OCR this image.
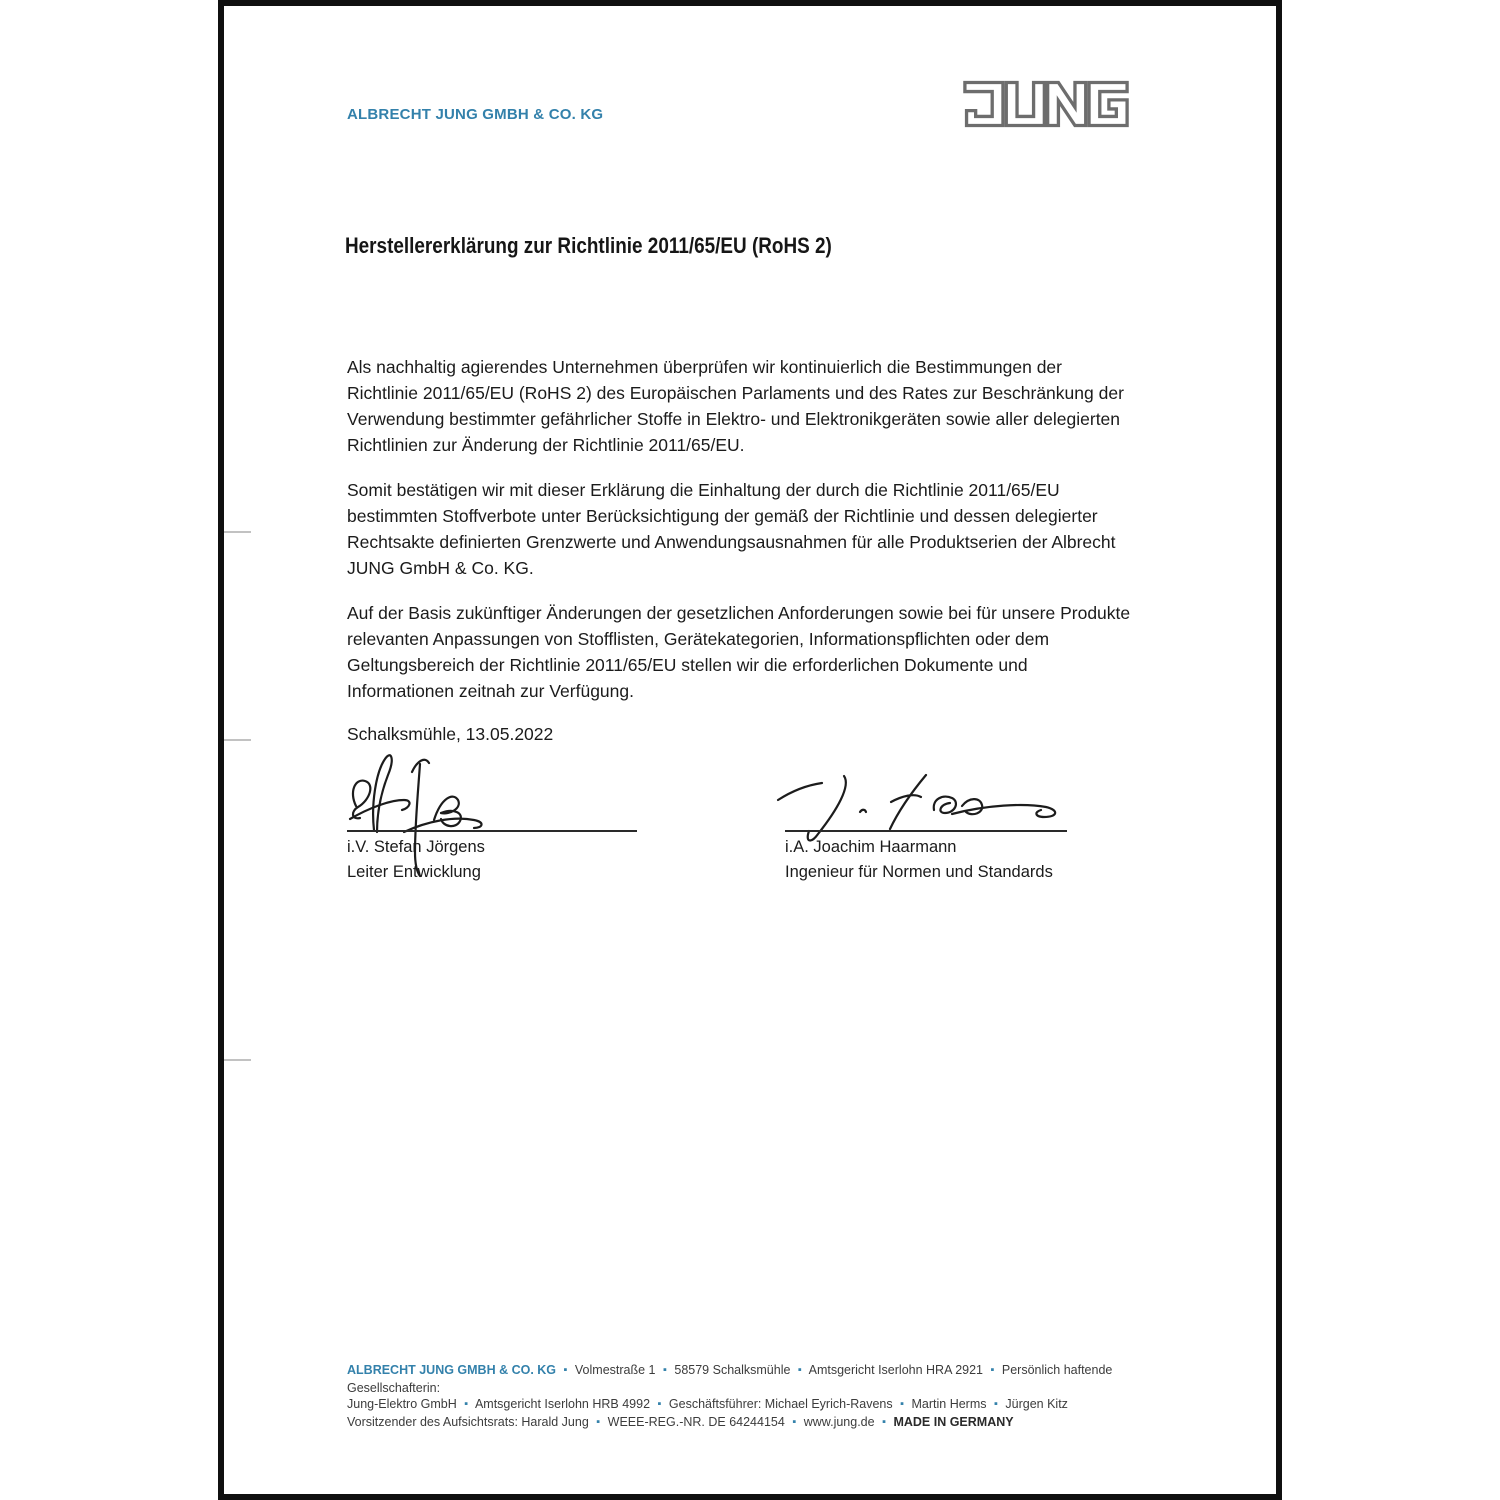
ALBRECHT JUNG GMBH & CO. KG
Herstellererklärung zur Richtlinie 2011/65/EU (RoHS 2)

Als nachhaltig agierendes Unternehmen überprüfen wir kontinuierlich die Bestimmungen der Richtlinie 2011/65/EU (RoHS 2) des Europäischen Parlaments und des Rates zur Beschränkung der Verwendung bestimmter gefährlicher Stoffe in Elektro- und Elektronikgeräten sowie aller delegierten Richtlinien zur Änderung der Richtlinie 2011/65/EU.

Somit bestätigen wir mit dieser Erklärung die Einhaltung der durch die Richtlinie 2011/65/EU bestimmten Stoffverbote unter Berücksichtigung der gemäß der Richtlinie und dessen delegierter Rechtsakte definierten Grenzwerte und Anwendungsausnahmen für alle Produktserien der Albrecht JUNG GmbH & Co. KG.

Auf der Basis zukünftiger Änderungen der gesetzlichen Anforderungen sowie bei für unsere Produkte relevanten Anpassungen von Stofflisten, Gerätekategorien, Informationspflichten oder dem Geltungsbereich der Richtlinie 2011/65/EU stellen wir die erforderlichen Dokumente und Informationen zeitnah zur Verfügung.

Schalksmühle, 13.05.2022
i.V. Stefan Jörgens
Leiter Entwicklung
i.A. Joachim Haarmann
Ingenieur für Normen und Standards
ALBRECHT JUNG GMBH & CO. KG ▪ Volmestraße 1 ▪ 58579 Schalksmühle ▪ Amtsgericht Iserlohn HRA 2921 ▪ Persönlich haftende Gesellschafterin:
Jung-Elektro GmbH ▪ Amtsgericht Iserlohn HRB 4992 ▪ Geschäftsführer: Michael Eyrich-Ravens ▪ Martin Herms ▪ Jürgen Kitz
Vorsitzender des Aufsichtsrats: Harald Jung ▪ WEEE-REG.-NR. DE 64244154 ▪ www.jung.de ▪ MADE IN GERMANY
